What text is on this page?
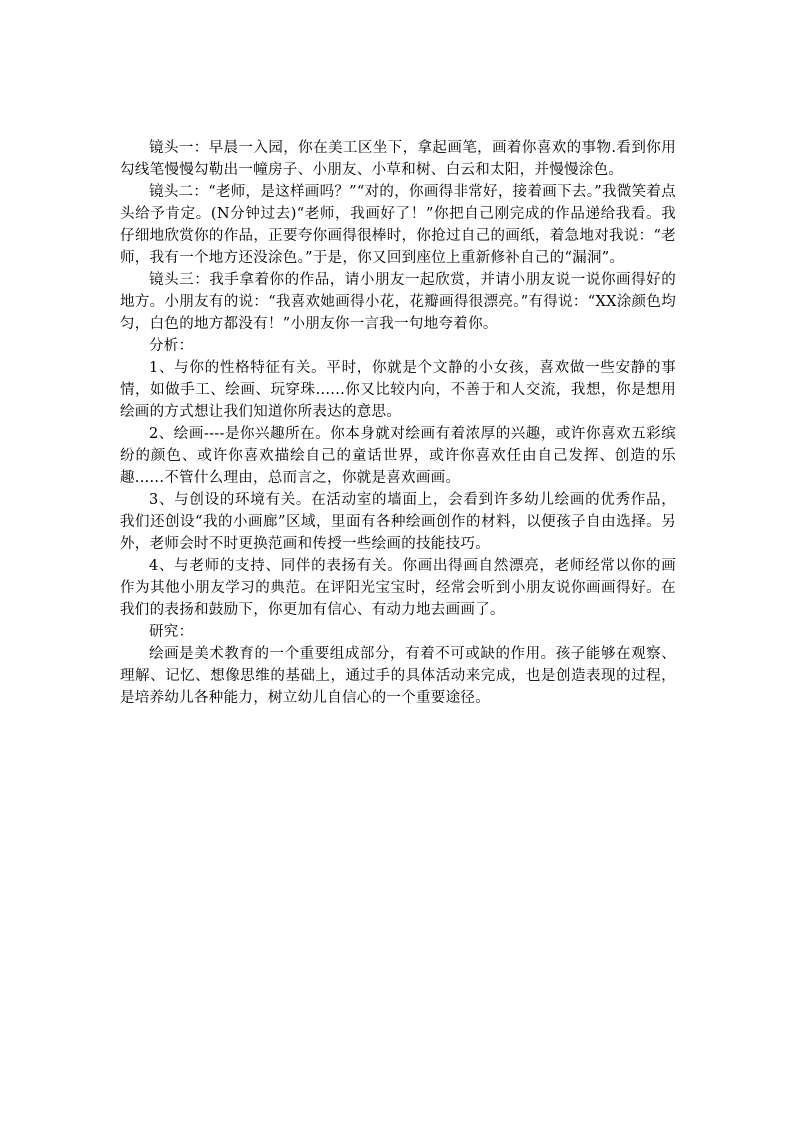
镜头一：早晨一入园，你在美工区坐下，拿起画笔，画着你喜欢的事物.看到你用勾线笔慢慢勾勒出一幢房子、小朋友、小草和树、白云和太阳，并慢慢涂色。

镜头二：“老师，是这样画吗？”“对的，你画得非常好，接着画下去。”我微笑着点头给予肯定。(N分钟过去)“老师，我画好了！”你把自己刚完成的作品递给我看。我仔细地欣赏你的作品，正要夸你画得很棒时，你抢过自己的画纸，着急地对我说：“老师，我有一个地方还没涂色。”于是，你又回到座位上重新修补自己的“漏洞”。

镜头三：我手拿着你的作品，请小朋友一起欣赏，并请小朋友说一说你画得好的地方。小朋友有的说：“我喜欢她画得小花，花瓣画得很漂亮。”有得说：“XX涂颜色均匀，白色的地方都没有！”小朋友你一言我一句地夸着你。

分析：

1、与你的性格特征有关。平时，你就是个文静的小女孩，喜欢做一些安静的事情，如做手工、绘画、玩穿珠......你又比较内向，不善于和人交流，我想，你是想用绘画的方式想让我们知道你所表达的意思。

2、绘画----是你兴趣所在。你本身就对绘画有着浓厚的兴趣，或许你喜欢五彩缤纷的颜色、或许你喜欢描绘自己的童话世界，或许你喜欢任由自己发挥、创造的乐趣......不管什么理由，总而言之，你就是喜欢画画。

3、与创设的环境有关。在活动室的墙面上，会看到许多幼儿绘画的优秀作品，我们还创设“我的小画廊”区域，里面有各种绘画创作的材料，以便孩子自由选择。另外，老师会时不时更换范画和传授一些绘画的技能技巧。

4、与老师的支持、同伴的表扬有关。你画出得画自然漂亮，老师经常以你的画作为其他小朋友学习的典范。在评阳光宝宝时，经常会听到小朋友说你画画得好。在我们的表扬和鼓励下，你更加有信心、有动力地去画画了。

研究：

绘画是美术教育的一个重要组成部分，有着不可或缺的作用。孩子能够在观察、理解、记忆、想像思维的基础上，通过手的具体活动来完成，也是创造表现的过程，是培养幼儿各种能力，树立幼儿自信心的一个重要途径。
